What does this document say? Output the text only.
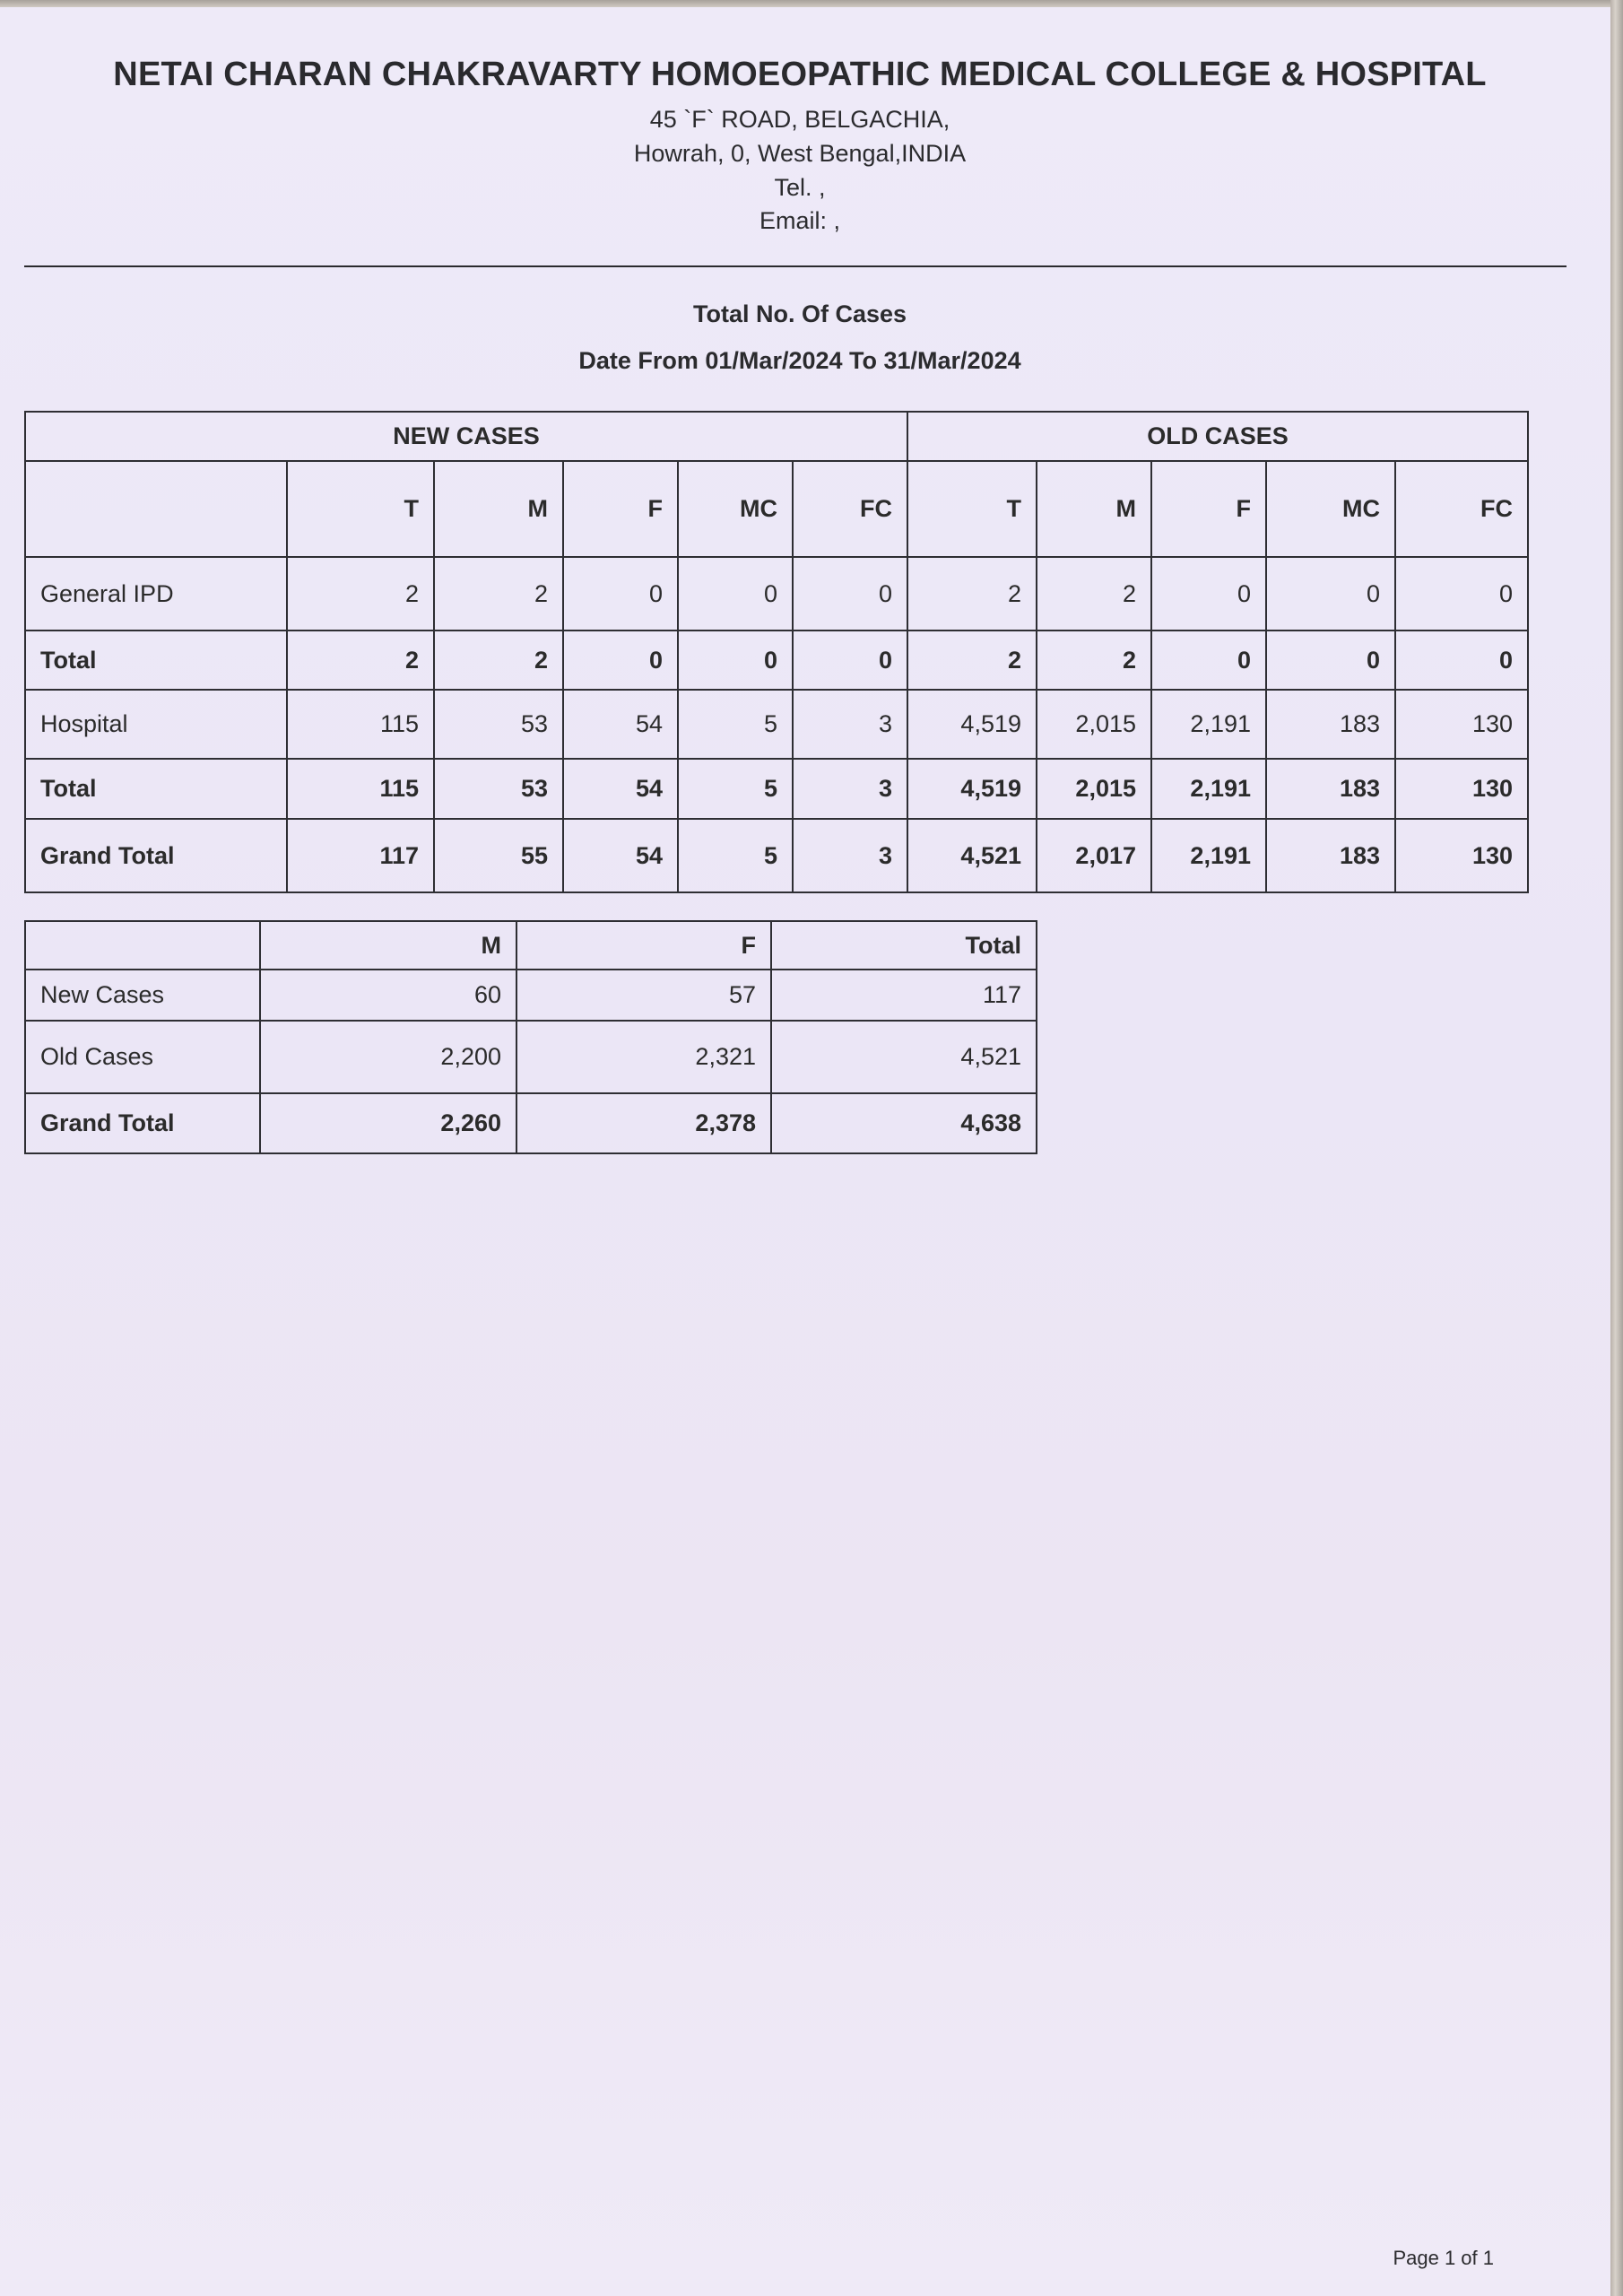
NETAI CHARAN CHAKRAVARTY HOMOEOPATHIC MEDICAL COLLEGE & HOSPITAL
45 `F` ROAD, BELGACHIA,
Howrah, 0, West Bengal,INDIA
Tel. ,
Email: ,
Total No. Of Cases
Date From 01/Mar/2024 To 31/Mar/2024
NEW CASES						OLD CASES				
	T	M	F	MC	FC	T	M	F	MC	FC
General IPD	2	2	0	0	0	2	2	0	0	0
Total	2	2	0	0	0	2	2	0	0	0
Hospital	115	53	54	5	3	4,519	2,015	2,191	183	130
Total	115	53	54	5	3	4,519	2,015	2,191	183	130
Grand Total	117	55	54	5	3	4,521	2,017	2,191	183	130
	M	F	Total
New Cases	60	57	117
Old Cases	2,200	2,321	4,521
Grand Total	2,260	2,378	4,638
Page 1 of 1
